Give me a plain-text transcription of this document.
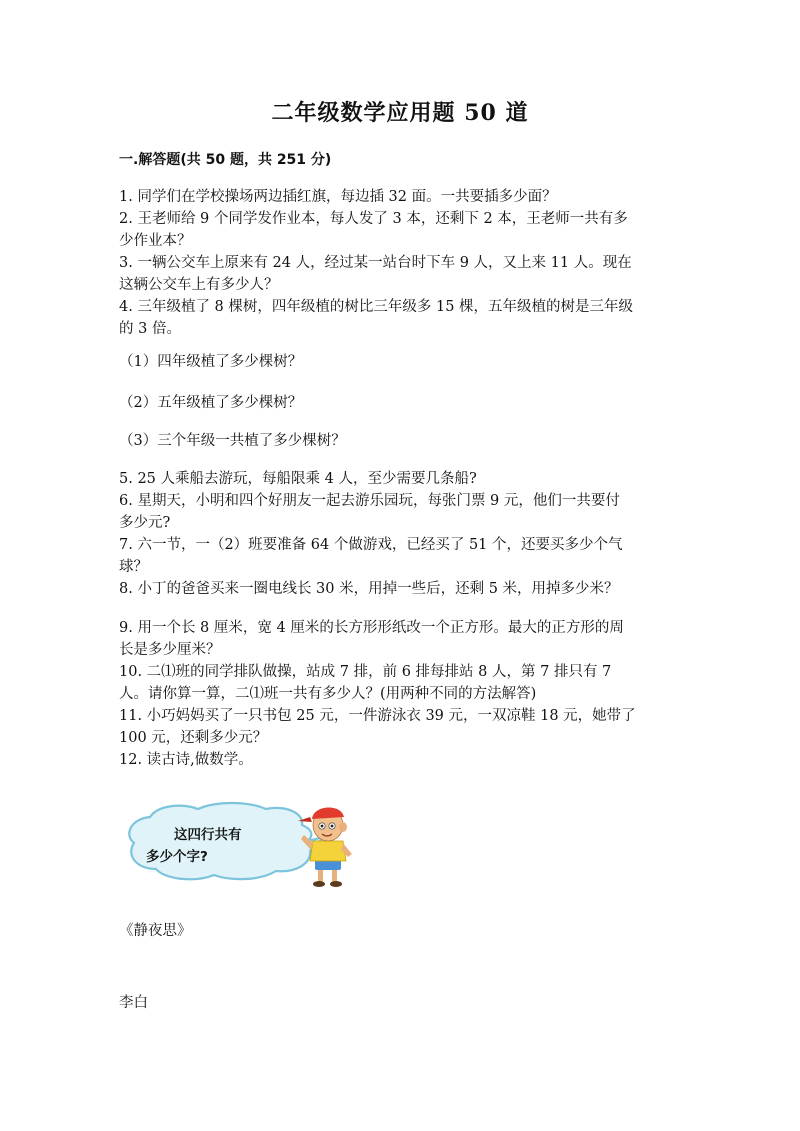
二年级数学应用题 50 道
一.解答题(共 50 题，共 251 分)
1. 同学们在学校操场两边插红旗，每边插 32 面。一共要插多少面？
2. 王老师给 9 个同学发作业本，每人发了 3 本，还剩下 2 本，王老师一共有多
少作业本？
3. 一辆公交车上原来有 24 人，经过某一站台时下车 9 人，又上来 11 人。现在
这辆公交车上有多少人？
4. 三年级植了 8 棵树，四年级植的树比三年级多 15 棵，五年级植的树是三年级
的 3 倍。
（1）四年级植了多少棵树？
（2）五年级植了多少棵树？
（3）三个年级一共植了多少棵树？
5. 25 人乘船去游玩，每船限乘 4 人，至少需要几条船?
6. 星期天，小明和四个好朋友一起去游乐园玩，每张门票 9 元，他们一共要付
多少元?
7. 六一节，一（2）班要准备 64 个做游戏，已经买了 51 个，还要买多少个气
球？
8. 小丁的爸爸买来一圈电线长 30 米，用掉一些后，还剩 5 米，用掉多少米？
9. 用一个长 8 厘米，宽 4 厘米的长方形形纸改一个正方形。最大的正方形的周
长是多少厘米？
10. 二⑴班的同学排队做操，站成 7 排，前 6 排每排站 8 人，第 7 排只有 7
人。请你算一算，二⑴班一共有多少人？(用两种不同的方法解答)
11. 小巧妈妈买了一只书包 25 元，一件游泳衣 39 元，一双凉鞋 18 元，她带了
100 元，还剩多少元？
12. 读古诗,做数学。
这四行共有
多少个字?
《静夜思》
李白
